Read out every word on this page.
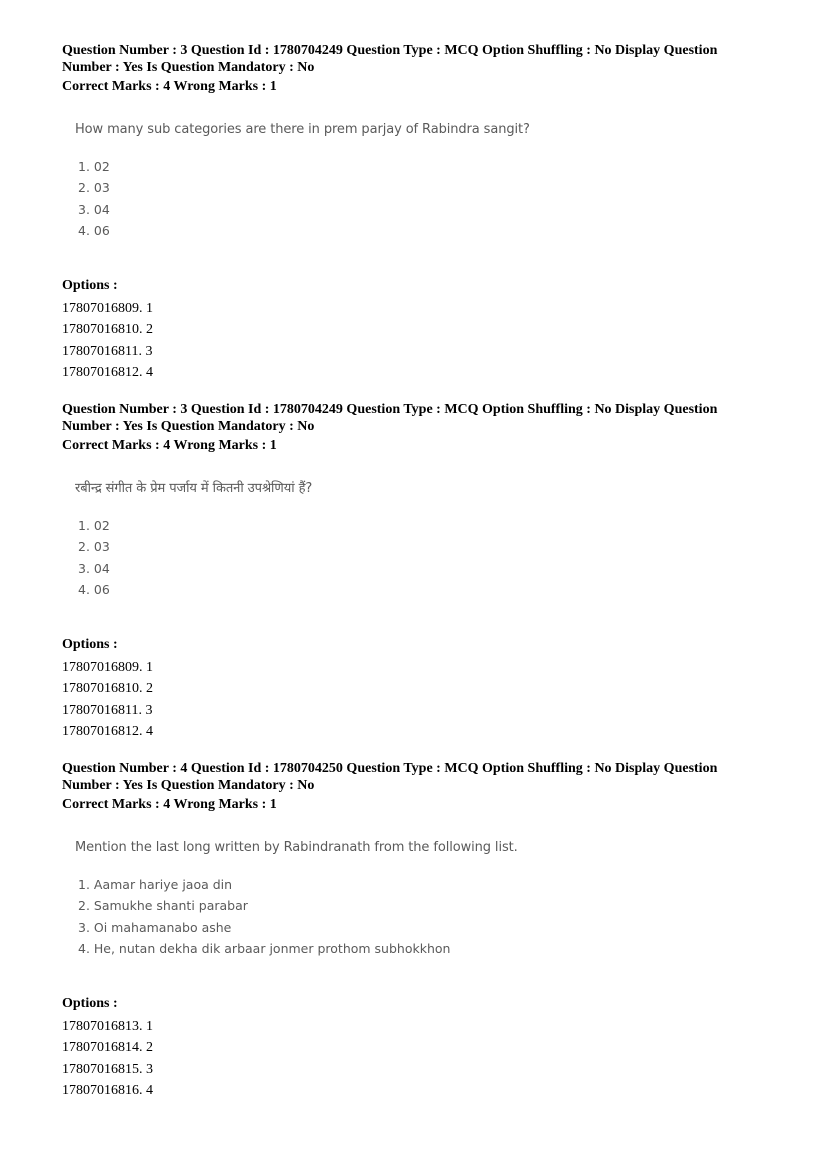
Question Number : 3 Question Id : 1780704249 Question Type : MCQ Option Shuffling : No Display Question
Number : Yes Is Question Mandatory : No
Correct Marks : 4 Wrong Marks : 1
How many sub categories are there in prem parjay of Rabindra sangit?
1. 02
2. 03
3. 04
4. 06
Options :
17807016809. 1
17807016810. 2
17807016811. 3
17807016812. 4
Question Number : 3 Question Id : 1780704249 Question Type : MCQ Option Shuffling : No Display Question
Number : Yes Is Question Mandatory : No
Correct Marks : 4 Wrong Marks : 1
रबीन्द्र संगीत के प्रेम पर्जाय में कितनी उपश्रेणियां हैं?
1. 02
2. 03
3. 04
4. 06
Options :
17807016809. 1
17807016810. 2
17807016811. 3
17807016812. 4
Question Number : 4 Question Id : 1780704250 Question Type : MCQ Option Shuffling : No Display Question
Number : Yes Is Question Mandatory : No
Correct Marks : 4 Wrong Marks : 1
Mention the last long written by Rabindranath from the following list.
1. Aamar hariye jaoa din
2. Samukhe shanti parabar
3. Oi mahamanabo ashe
4. He, nutan dekha dik arbaar jonmer prothom subhokkhon
Options :
17807016813. 1
17807016814. 2
17807016815. 3
17807016816. 4
